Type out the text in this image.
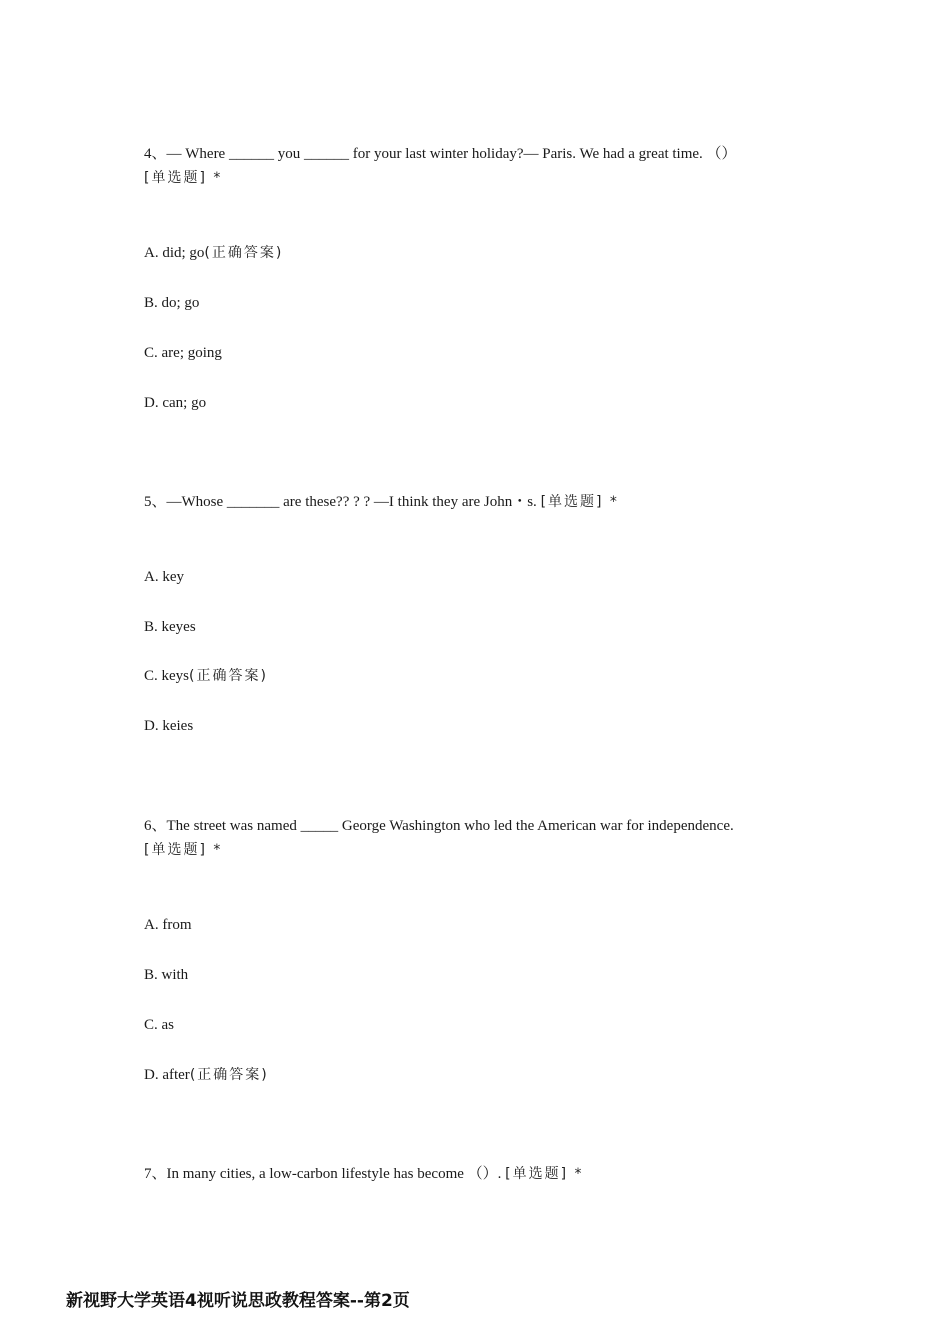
4、— Where ______ you ______ for your last winter holiday?— Paris. We had a great time. （）
[单选题] *
A. did; go(正确答案)
B. do; go
C. are; going
D. can; go
5、—Whose _______ are these?? ? ? —I think they are John・s. [单选题] *
A. key
B. keyes
C. keys(正确答案)
D. keies
6、The street was named _____ George Washington who led the American war for independence.
[单选题] *
A. from
B. with
C. as
D. after(正确答案)
7、In many cities, a low-carbon lifestyle has become （）. [单选题] *
新视野大学英语4视听说思政教程答案--第2页
